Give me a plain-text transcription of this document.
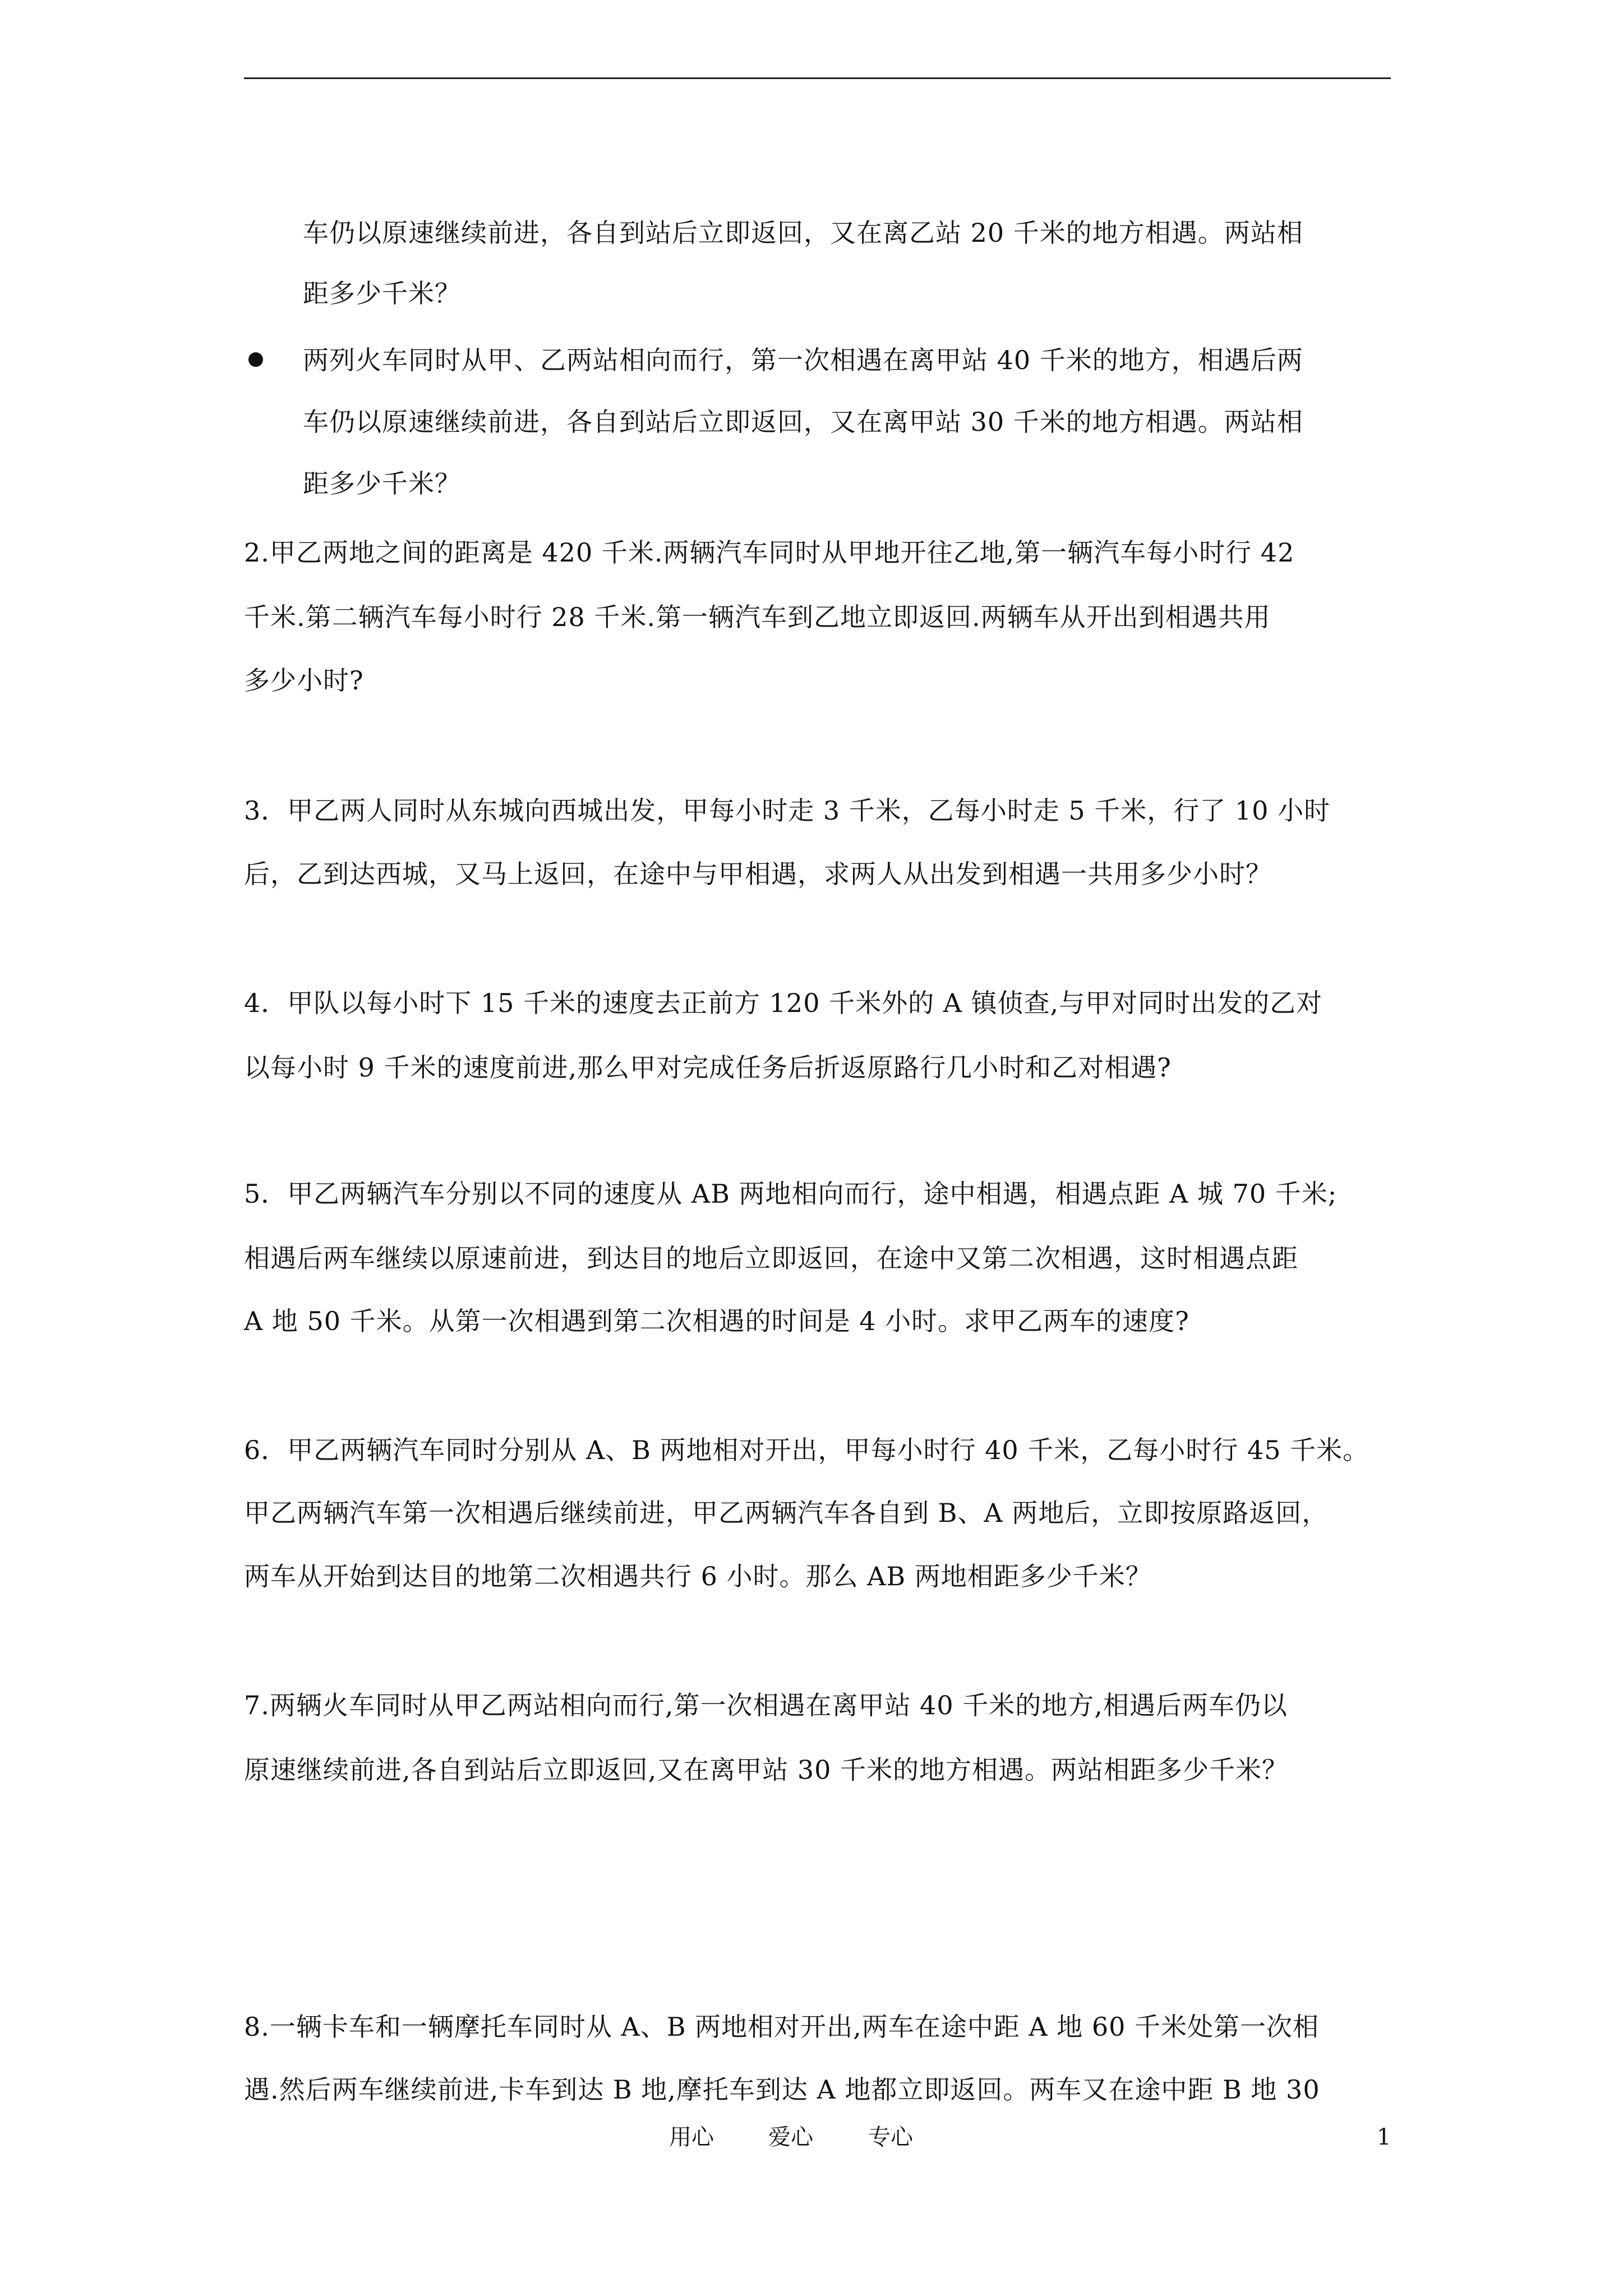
车仍以原速继续前进，各自到站后立即返回，又在离乙站 20 千米的地方相遇。两站相
距多少千米？
两列火车同时从甲、乙两站相向而行，第一次相遇在离甲站 40 千米的地方，相遇后两
车仍以原速继续前进，各自到站后立即返回，又在离甲站 30 千米的地方相遇。两站相
距多少千米？
2.甲乙两地之间的距离是 420 千米.两辆汽车同时从甲地开往乙地,第一辆汽车每小时行 42
千米.第二辆汽车每小时行 28 千米.第一辆汽车到乙地立即返回.两辆车从开出到相遇共用
多少小时?
3．甲乙两人同时从东城向西城出发，甲每小时走 3 千米，乙每小时走 5 千米，行了 10 小时
后，乙到达西城，又马上返回，在途中与甲相遇，求两人从出发到相遇一共用多少小时？
4．甲队以每小时下 15 千米的速度去正前方 120 千米外的 A 镇侦查,与甲对同时出发的乙对
以每小时 9 千米的速度前进,那么甲对完成任务后折返原路行几小时和乙对相遇?
5．甲乙两辆汽车分别以不同的速度从 AB 两地相向而行，途中相遇，相遇点距 A 城 70 千米;
相遇后两车继续以原速前进，到达目的地后立即返回，在途中又第二次相遇，这时相遇点距
A 地 50 千米。从第一次相遇到第二次相遇的时间是 4 小时。求甲乙两车的速度?
6．甲乙两辆汽车同时分别从 A、B 两地相对开出，甲每小时行 40 千米，乙每小时行 45 千米。
甲乙两辆汽车第一次相遇后继续前进，甲乙两辆汽车各自到 B、A 两地后，立即按原路返回，
两车从开始到达目的地第二次相遇共行 6 小时。那么 AB 两地相距多少千米？
7.两辆火车同时从甲乙两站相向而行,第一次相遇在离甲站 40 千米的地方,相遇后两车仍以
原速继续前进,各自到站后立即返回,又在离甲站 30 千米的地方相遇。两站相距多少千米？
8.一辆卡车和一辆摩托车同时从 A、B 两地相对开出,两车在途中距 A 地 60 千米处第一次相
遇.然后两车继续前进,卡车到达 B 地,摩托车到达 A 地都立即返回。两车又在途中距 B 地 30
用心 爱心 专心	1
